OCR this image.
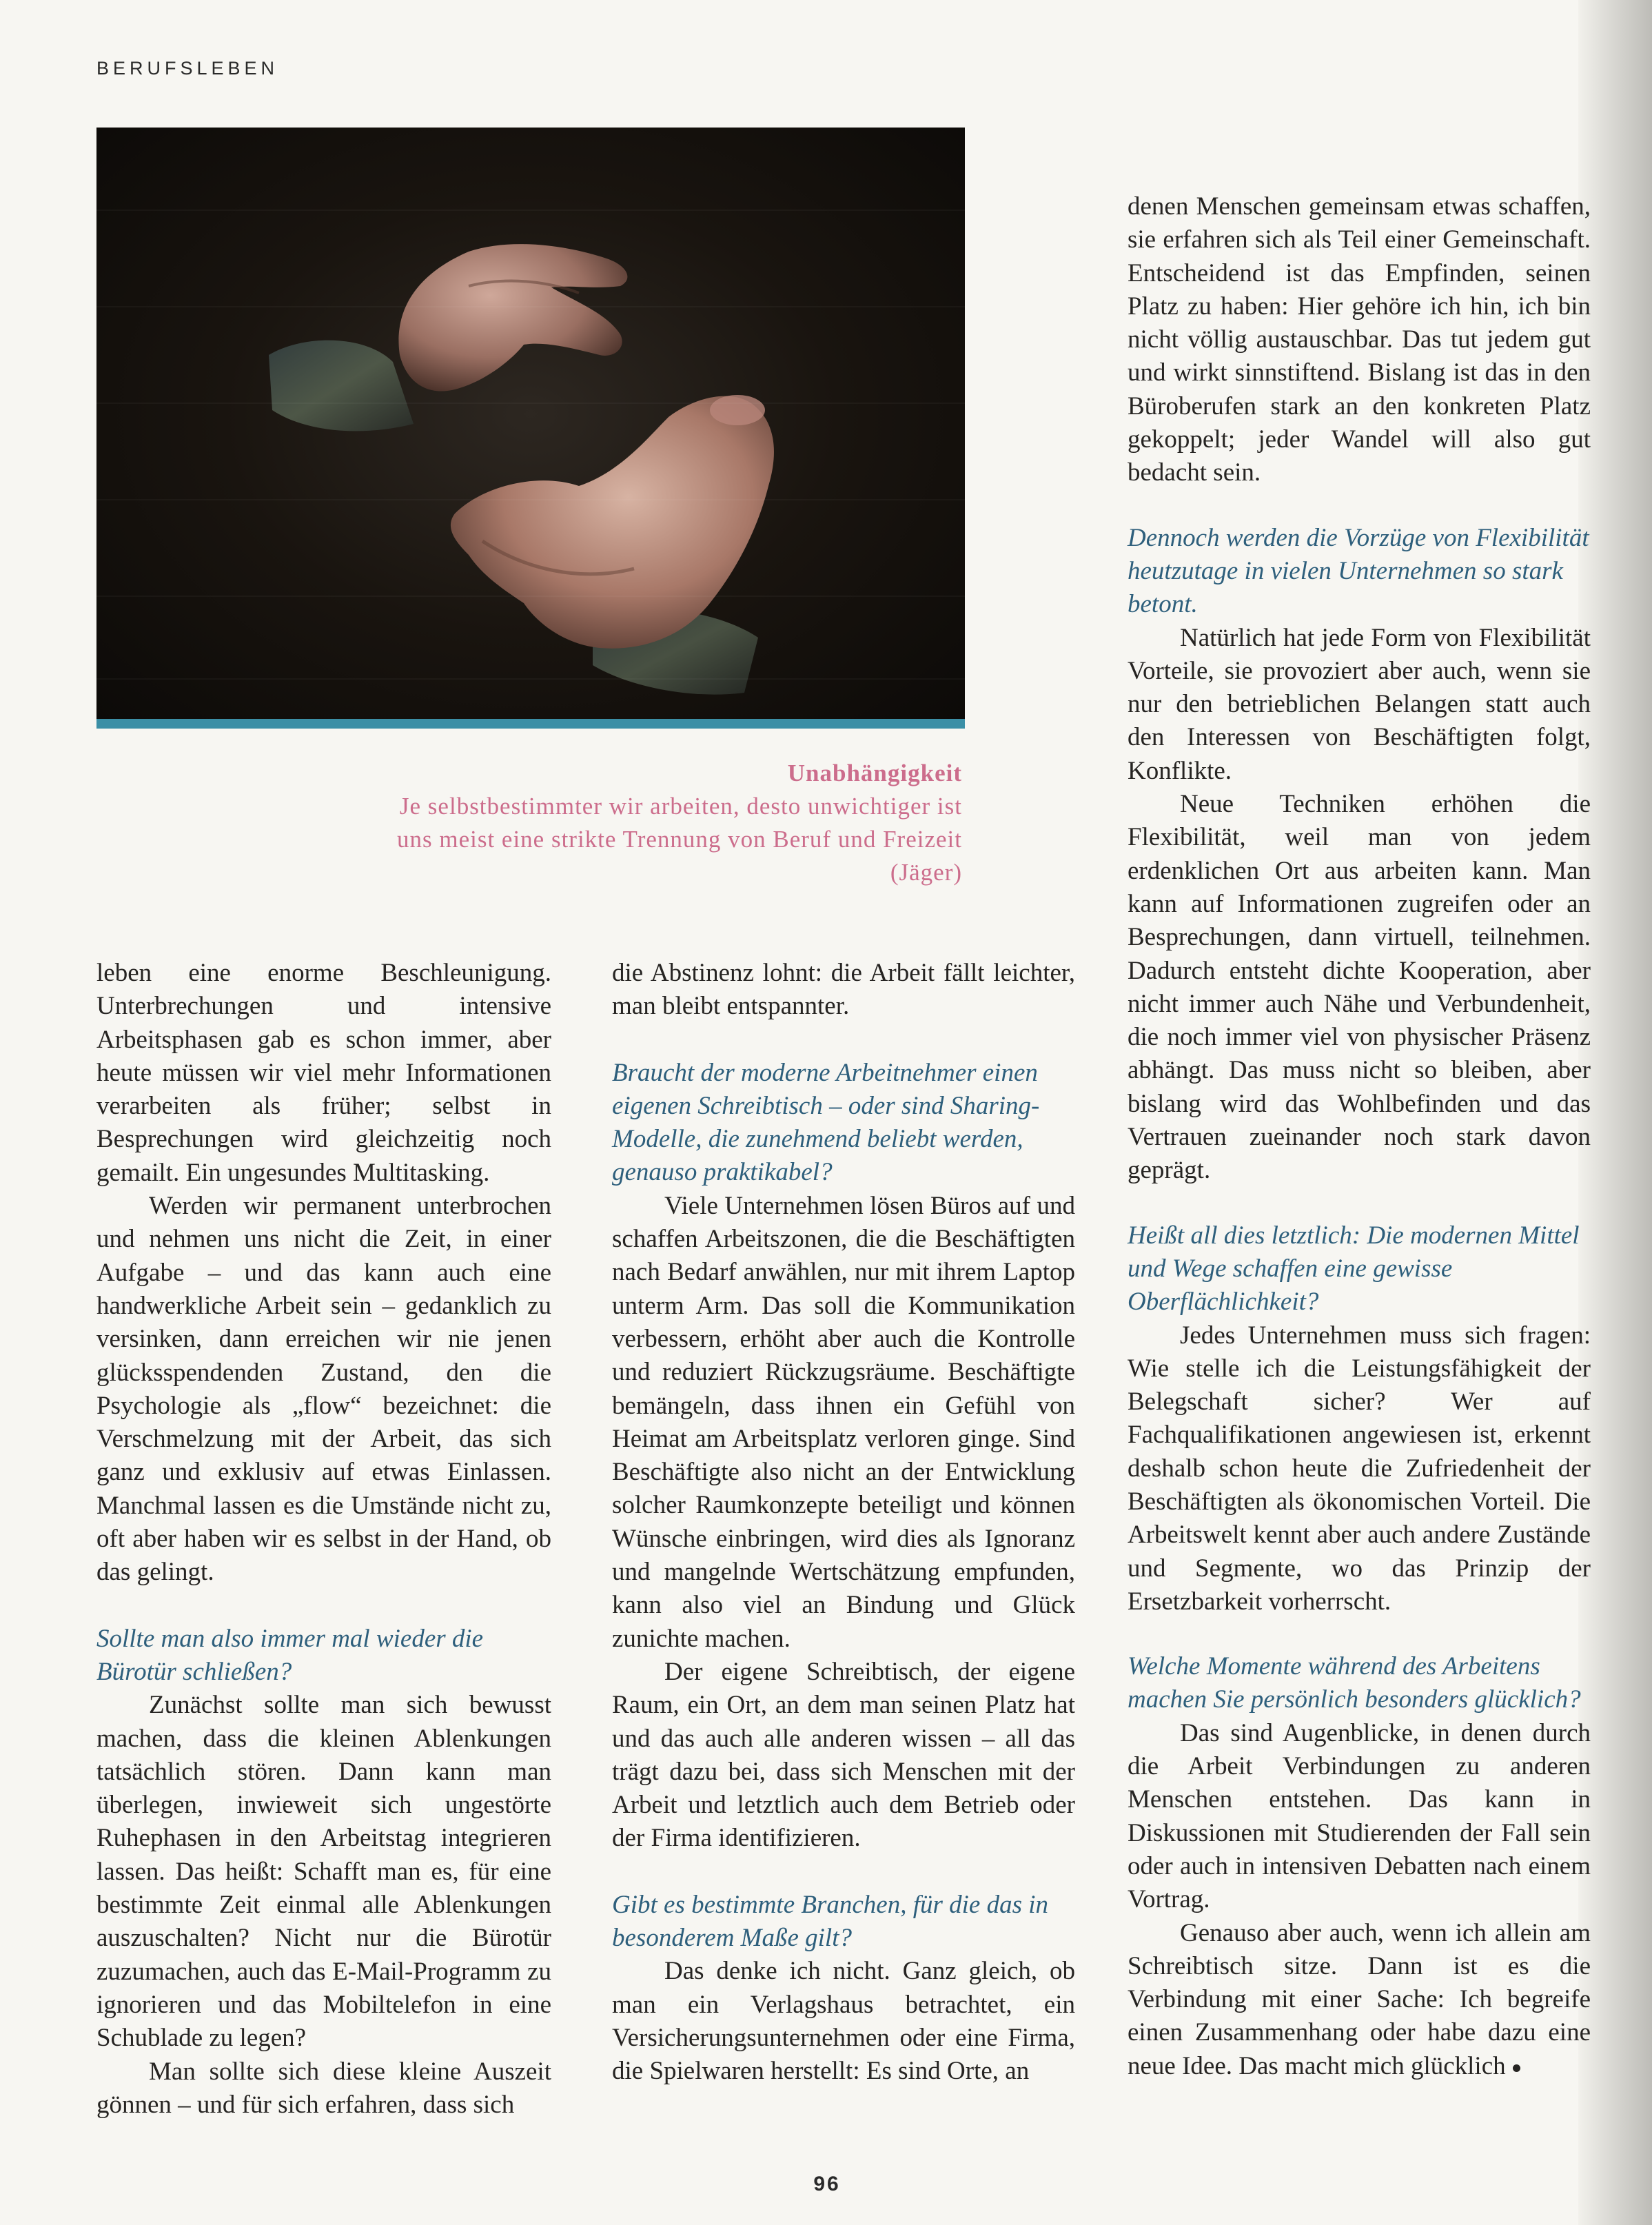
BERUFSLEBEN
Unabhängigkeit
Je selbstbestimmter wir arbeiten, desto unwichtiger ist uns meist eine strikte Trennung von Beruf und Freizeit (Jäger)

leben eine enorme Beschleunigung. Unterbrechungen und intensive Arbeitsphasen gab es schon immer, aber heute müssen wir viel mehr Informationen verarbeiten als früher; selbst in Besprechungen wird gleichzeitig noch gemailt. Ein ungesundes Multitasking.

Werden wir permanent unterbrochen und nehmen uns nicht die Zeit, in einer Aufgabe – und das kann auch eine handwerkliche Arbeit sein – gedanklich zu versinken, dann erreichen wir nie jenen glücksspendenden Zustand, den die Psychologie als „flow“ bezeichnet: die Verschmelzung mit der Arbeit, das sich ganz und exklusiv auf etwas Einlassen. Manchmal lassen es die Umstände nicht zu, oft aber haben wir es selbst in der Hand, ob das gelingt.

Sollte man also immer mal wieder die Bürotür schließen?

Zunächst sollte man sich bewusst machen, dass die kleinen Ablenkungen tatsächlich stören. Dann kann man überlegen, inwieweit sich ungestörte Ruhephasen in den Arbeitstag integrieren lassen. Das heißt: Schafft man es, für eine bestimmte Zeit einmal alle Ablenkungen auszuschalten? Nicht nur die Bürotür zuzumachen, auch das E-Mail-Programm zu ignorieren und das Mobiltelefon in eine Schublade zu legen?

Man sollte sich diese kleine Auszeit gönnen – und für sich erfahren, dass sich

die Abstinenz lohnt: die Arbeit fällt leichter, man bleibt entspannter.

Braucht der moderne Arbeitnehmer einen eigenen Schreibtisch – oder sind Sharing-Modelle, die zunehmend beliebt werden, genauso praktikabel?

Viele Unternehmen lösen Büros auf und schaffen Arbeitszonen, die die Beschäftigten nach Bedarf anwählen, nur mit ihrem Laptop unterm Arm. Das soll die Kommunikation verbessern, erhöht aber auch die Kontrolle und reduziert Rückzugsräume. Beschäftigte bemängeln, dass ihnen ein Gefühl von Heimat am Arbeitsplatz verloren ginge. Sind Beschäftigte also nicht an der Entwicklung solcher Raumkonzepte beteiligt und können Wünsche einbringen, wird dies als Ignoranz und mangelnde Wertschätzung empfunden, kann also viel an Bindung und Glück zunichte machen.

Der eigene Schreibtisch, der eigene Raum, ein Ort, an dem man seinen Platz hat und das auch alle anderen wissen – all das trägt dazu bei, dass sich Menschen mit der Arbeit und letztlich auch dem Betrieb oder der Firma identifizieren.

Gibt es bestimmte Branchen, für die das in besonderem Maße gilt?

Das denke ich nicht. Ganz gleich, ob man ein Verlagshaus betrachtet, ein Versicherungsunternehmen oder eine Firma, die Spielwaren herstellt: Es sind Orte, an

denen Menschen gemeinsam etwas schaffen, sie erfahren sich als Teil einer Gemeinschaft. Entscheidend ist das Empfinden, seinen Platz zu haben: Hier gehöre ich hin, ich bin nicht völlig austauschbar. Das tut jedem gut und wirkt sinnstiftend. Bislang ist das in den Büroberufen stark an den konkreten Platz gekoppelt; jeder Wandel will also gut bedacht sein.

Dennoch werden die Vorzüge von Flexibilität heutzutage in vielen Unternehmen so stark betont.

Natürlich hat jede Form von Flexibilität Vorteile, sie provoziert aber auch, wenn sie nur den betrieblichen Belangen statt auch den Interessen von Beschäftigten folgt, Konflikte.

Neue Techniken erhöhen die Flexibilität, weil man von jedem erdenklichen Ort aus arbeiten kann. Man kann auf Informationen zugreifen oder an Besprechungen, dann virtuell, teilnehmen. Dadurch entsteht dichte Kooperation, aber nicht immer auch Nähe und Verbundenheit, die noch immer viel von physischer Präsenz abhängt. Das muss nicht so bleiben, aber bislang wird das Wohlbefinden und das Vertrauen zueinander noch stark davon geprägt.

Heißt all dies letztlich: Die modernen Mittel und Wege schaffen eine gewisse Oberflächlichkeit?

Jedes Unternehmen muss sich fragen: Wie stelle ich die Leistungsfähigkeit der Belegschaft sicher? Wer auf Fachqualifikationen angewiesen ist, erkennt deshalb schon heute die Zufriedenheit der Beschäftigten als ökonomischen Vorteil. Die Arbeitswelt kennt aber auch andere Zustände und Segmente, wo das Prinzip der Ersetzbarkeit vorherrscht.

Welche Momente während des Arbeitens machen Sie persönlich besonders glücklich?

Das sind Augenblicke, in denen durch die Arbeit Verbindungen zu anderen Menschen entstehen. Das kann in Diskussionen mit Studierenden der Fall sein oder auch in intensiven Debatten nach einem Vortrag.

Genauso aber auch, wenn ich allein am Schreibtisch sitze. Dann ist es die Verbindung mit einer Sache: Ich begreife einen Zusammenhang oder habe dazu eine neue Idee. Das macht mich glücklich

96
